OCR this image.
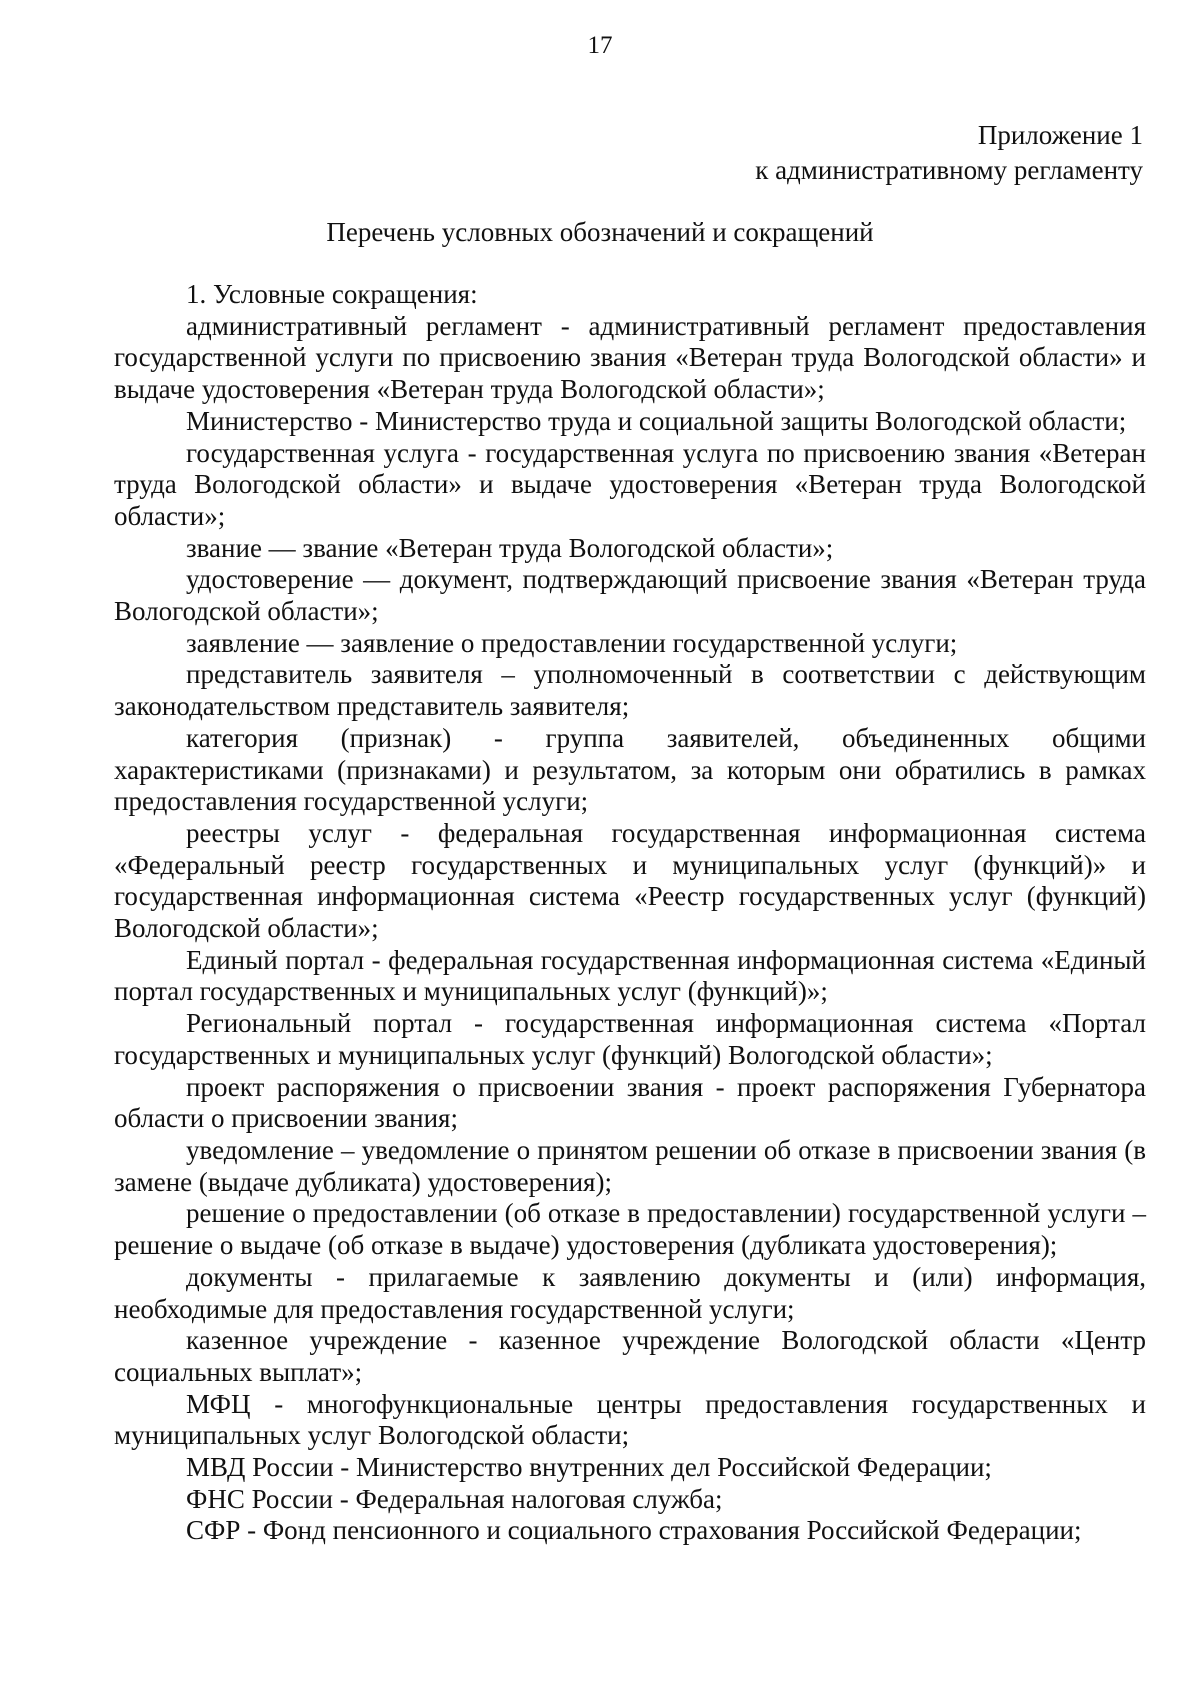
17
Приложение 1
к административному регламенту
Перечень условных обозначений и сокращений

1. Условные сокращения:

административный регламент - административный регламент предоставления государственной услуги по присвоению звания «Ветеран труда Вологодской области» и выдаче удостоверения «Ветеран труда Вологодской области»;

Министерство - Министерство труда и социальной защиты Вологодской области;

государственная услуга - государственная услуга по присвоению звания «Ветеран труда Вологодской области» и выдаче удостоверения «Ветеран труда Вологодской области»;

звание — звание «Ветеран труда Вологодской области»;

удостоверение — документ, подтверждающий присвоение звания «Ветеран труда Вологодской области»;

заявление — заявление о предоставлении государственной услуги;

представитель заявителя – уполномоченный в соответствии с действующим законодательством представитель заявителя;

категория (признак) - группа заявителей, объединенных общими характеристиками (признаками) и результатом, за которым они обратились в рамках предоставления государственной услуги;

реестры услуг - федеральная государственная информационная система «Федеральный реестр государственных и муниципальных услуг (функций)» и государственная информационная система «Реестр государственных услуг (функций) Вологодской области»;

Единый портал - федеральная государственная информационная система «Единый портал государственных и муниципальных услуг (функций)»;

Региональный портал - государственная информационная система «Портал государственных и муниципальных услуг (функций) Вологодской области»;

проект распоряжения о присвоении звания - проект распоряжения Губернатора области о присвоении звания;

уведомление – уведомление о принятом решении об отказе в присвоении звания (в замене (выдаче дубликата) удостоверения);

решение о предоставлении (об отказе в предоставлении) государственной услуги – решение о выдаче (об отказе в выдаче) удостоверения (дубликата удостоверения);

документы - прилагаемые к заявлению документы и (или) информация, необходимые для предоставления государственной услуги;

казенное учреждение - казенное учреждение Вологодской области «Центр социальных выплат»;

МФЦ - многофункциональные центры предоставления государственных и муниципальных услуг Вологодской области;

МВД России - Министерство внутренних дел Российской Федерации;

ФНС России - Федеральная налоговая служба;

СФР - Фонд пенсионного и социального страхования Российской Федерации;
